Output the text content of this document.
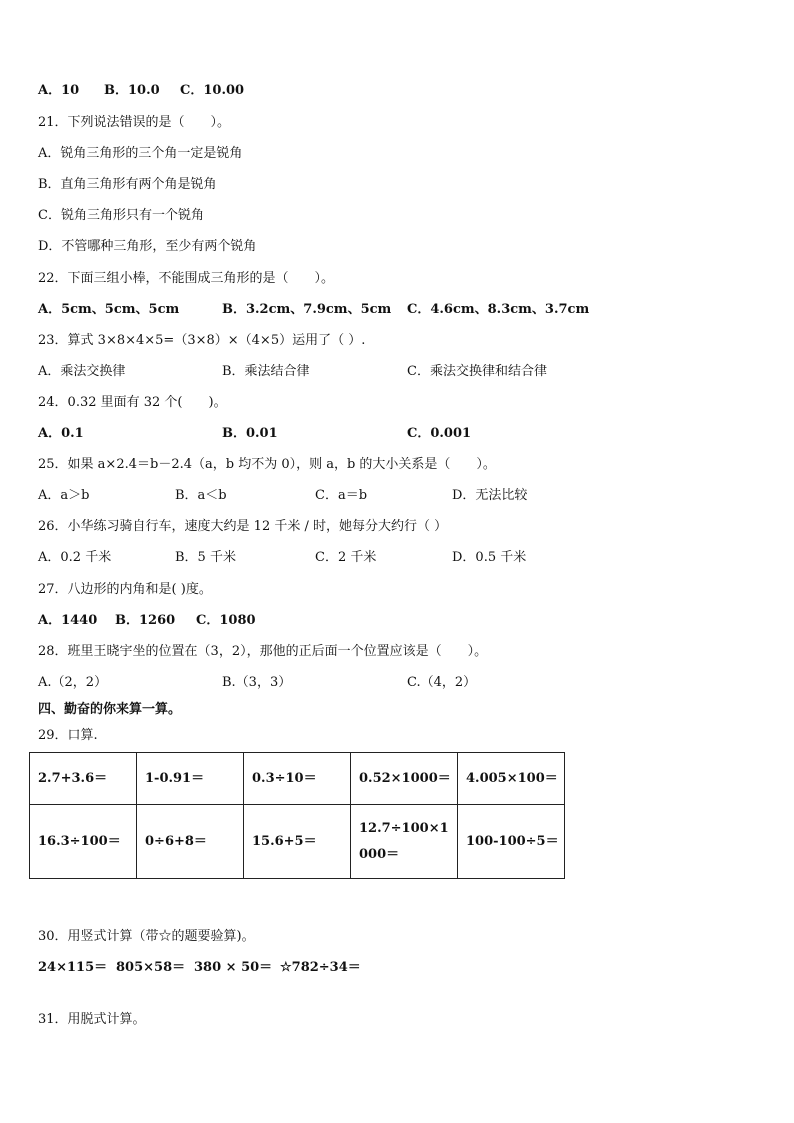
A．10 B．10.0 C．10.00
21．下列说法错误的是（　　）。
A．锐角三角形的三个角一定是锐角
B．直角三角形有两个角是锐角
C．锐角三角形只有一个锐角
D．不管哪种三角形，至少有两个锐角
22．下面三组小棒，不能围成三角形的是（　　）。
A．5cm、5cm、5cm	B．3.2cm、7.9cm、5cm C．4.6cm、8.3cm、3.7cm
23．算式 3×8×4×5=（3×8）×（4×5）运用了（ ）.
A．乘法交换律	B．乘法结合律	C．乘法交换律和结合律
24．0.32 里面有 32 个(　　)。
A．0.1	B．0.01	C．0.001
25．如果 a×2.4＝b－2.4（a，b 均不为 0），则 a，b 的大小关系是（　　）。
A．a＞b	B．a＜b	C．a＝b	D．无法比较
26．小华练习骑自行车，速度大约是 12 千米 / 时，她每分大约行（ ）
A．0.2 千米	B．5 千米	C．2 千米	D．0.5 千米
27．八边形的内角和是( )度。
A．1440 B．1260 C．1080
28．班里王晓宇坐的位置在（3，2），那他的正后面一个位置应该是（　　）。
A.（2，2）	B.（3，3）	C.（4，2）
四、勤奋的你来算一算。
29．口算.
2.7+3.6＝	1-0.91＝	0.3÷10＝	0.52×1000＝	4.005×100＝
16.3÷100＝	0÷6+8＝	15.6+5＝	12.7÷100×1000＝	100-100÷5＝
30．用竖式计算（带☆的题要验算)。
24×115＝ 805×58＝ 380 × 50＝ ☆782÷34＝
31．用脱式计算。
